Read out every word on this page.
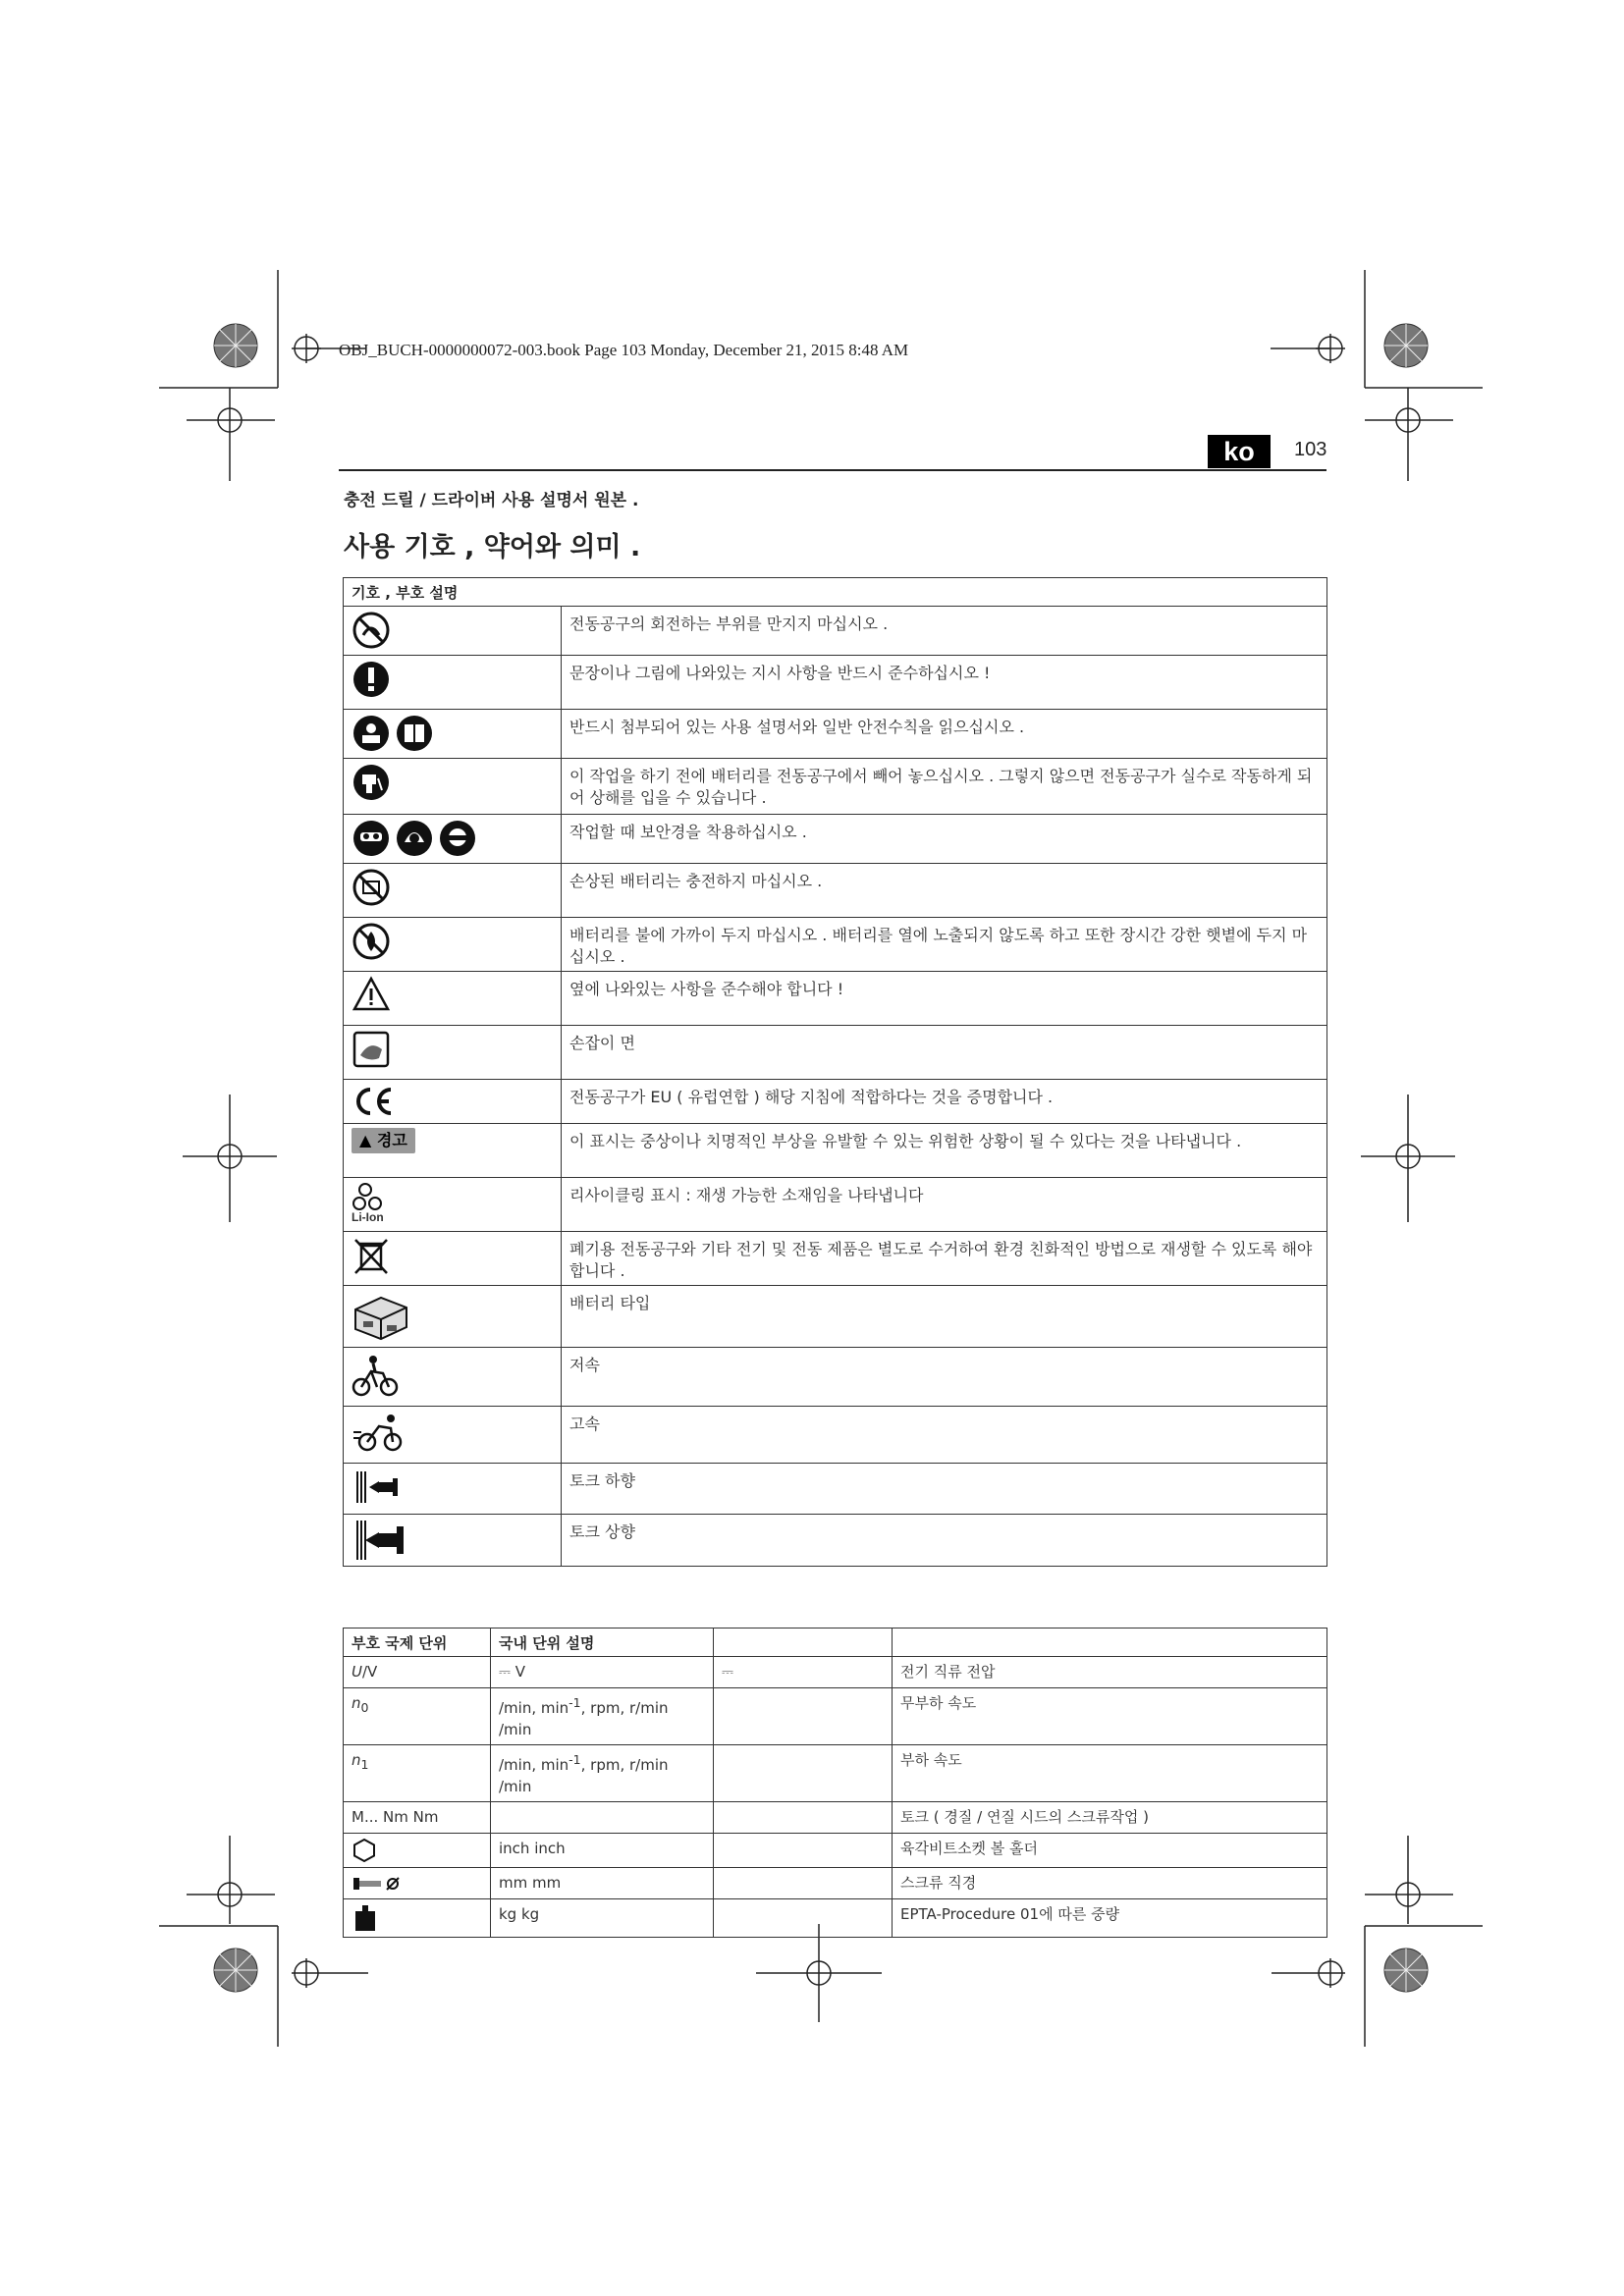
OBJ_BUCH-0000000072-003.book Page 103 Monday, December 21, 2015 8:48 AM
ko	103
충전 드릴 / 드라이버 사용 설명서 원본 .
사용 기호 , 약어와 의미 .
기호 , 부호 설명	
	전동공구의 회전하는 부위를 만지지 마십시오 .
	문장이나 그림에 나와있는 지시 사항을 반드시 준수하십시오 !
	반드시 첨부되어 있는 사용 설명서와 일반 안전수칙을 읽으십시오 .
	이 작업을 하기 전에 배터리를 전동공구에서 빼어 놓으십시오 . 그렇지 않으면 전동공구가 실수로 작동하게 되어 상해를 입을 수 있습니다 .
	작업할 때 보안경을 착용하십시오 .
	손상된 배터리는 충전하지 마십시오 .
	배터리를 불에 가까이 두지 마십시오 . 배터리를 열에 노출되지 않도록 하고 또한 장시간 강한 햇볕에 두지 마십시오 .
	옆에 나와있는 사항을 준수해야 합니다 !
	손잡이 면
	전동공구가 EU ( 유럽연합 ) 해당 지침에 적합하다는 것을 증명합니다 .
▲ 경고	이 표시는 중상이나 치명적인 부상을 유발할 수 있는 위험한 상황이 될 수 있다는 것을 나타냅니다 .

Li-Ion	리사이클링 표시 : 재생 가능한 소재임을 나타냅니다
	폐기용 전동공구와 기타 전기 및 전동 제품은 별도로 수거하여 환경 친화적인 방법으로 재생할 수 있도록 해야 합니다 .
	배터리 타입
	저속
	고속
	토크 하향
	토크 상향
부호 국제 단위	국내 단위 설명		
U/V	⎓ V	⎓	전기 직류 전압
$n_0$	/min, $\min^{-1}$, rpm, r/min /min		무부하 속도
$n_1$	/min, $\min^{-1}$, rpm, r/min /min		부하 속도
M... Nm Nm			토크 ( 경질 / 연질 시드의 스크류작업 )
	inch inch		육각비트소켓 볼 홀더
	mm mm		스크류 직경
	kg kg		EPTA-Procedure 01에 따른 중량
